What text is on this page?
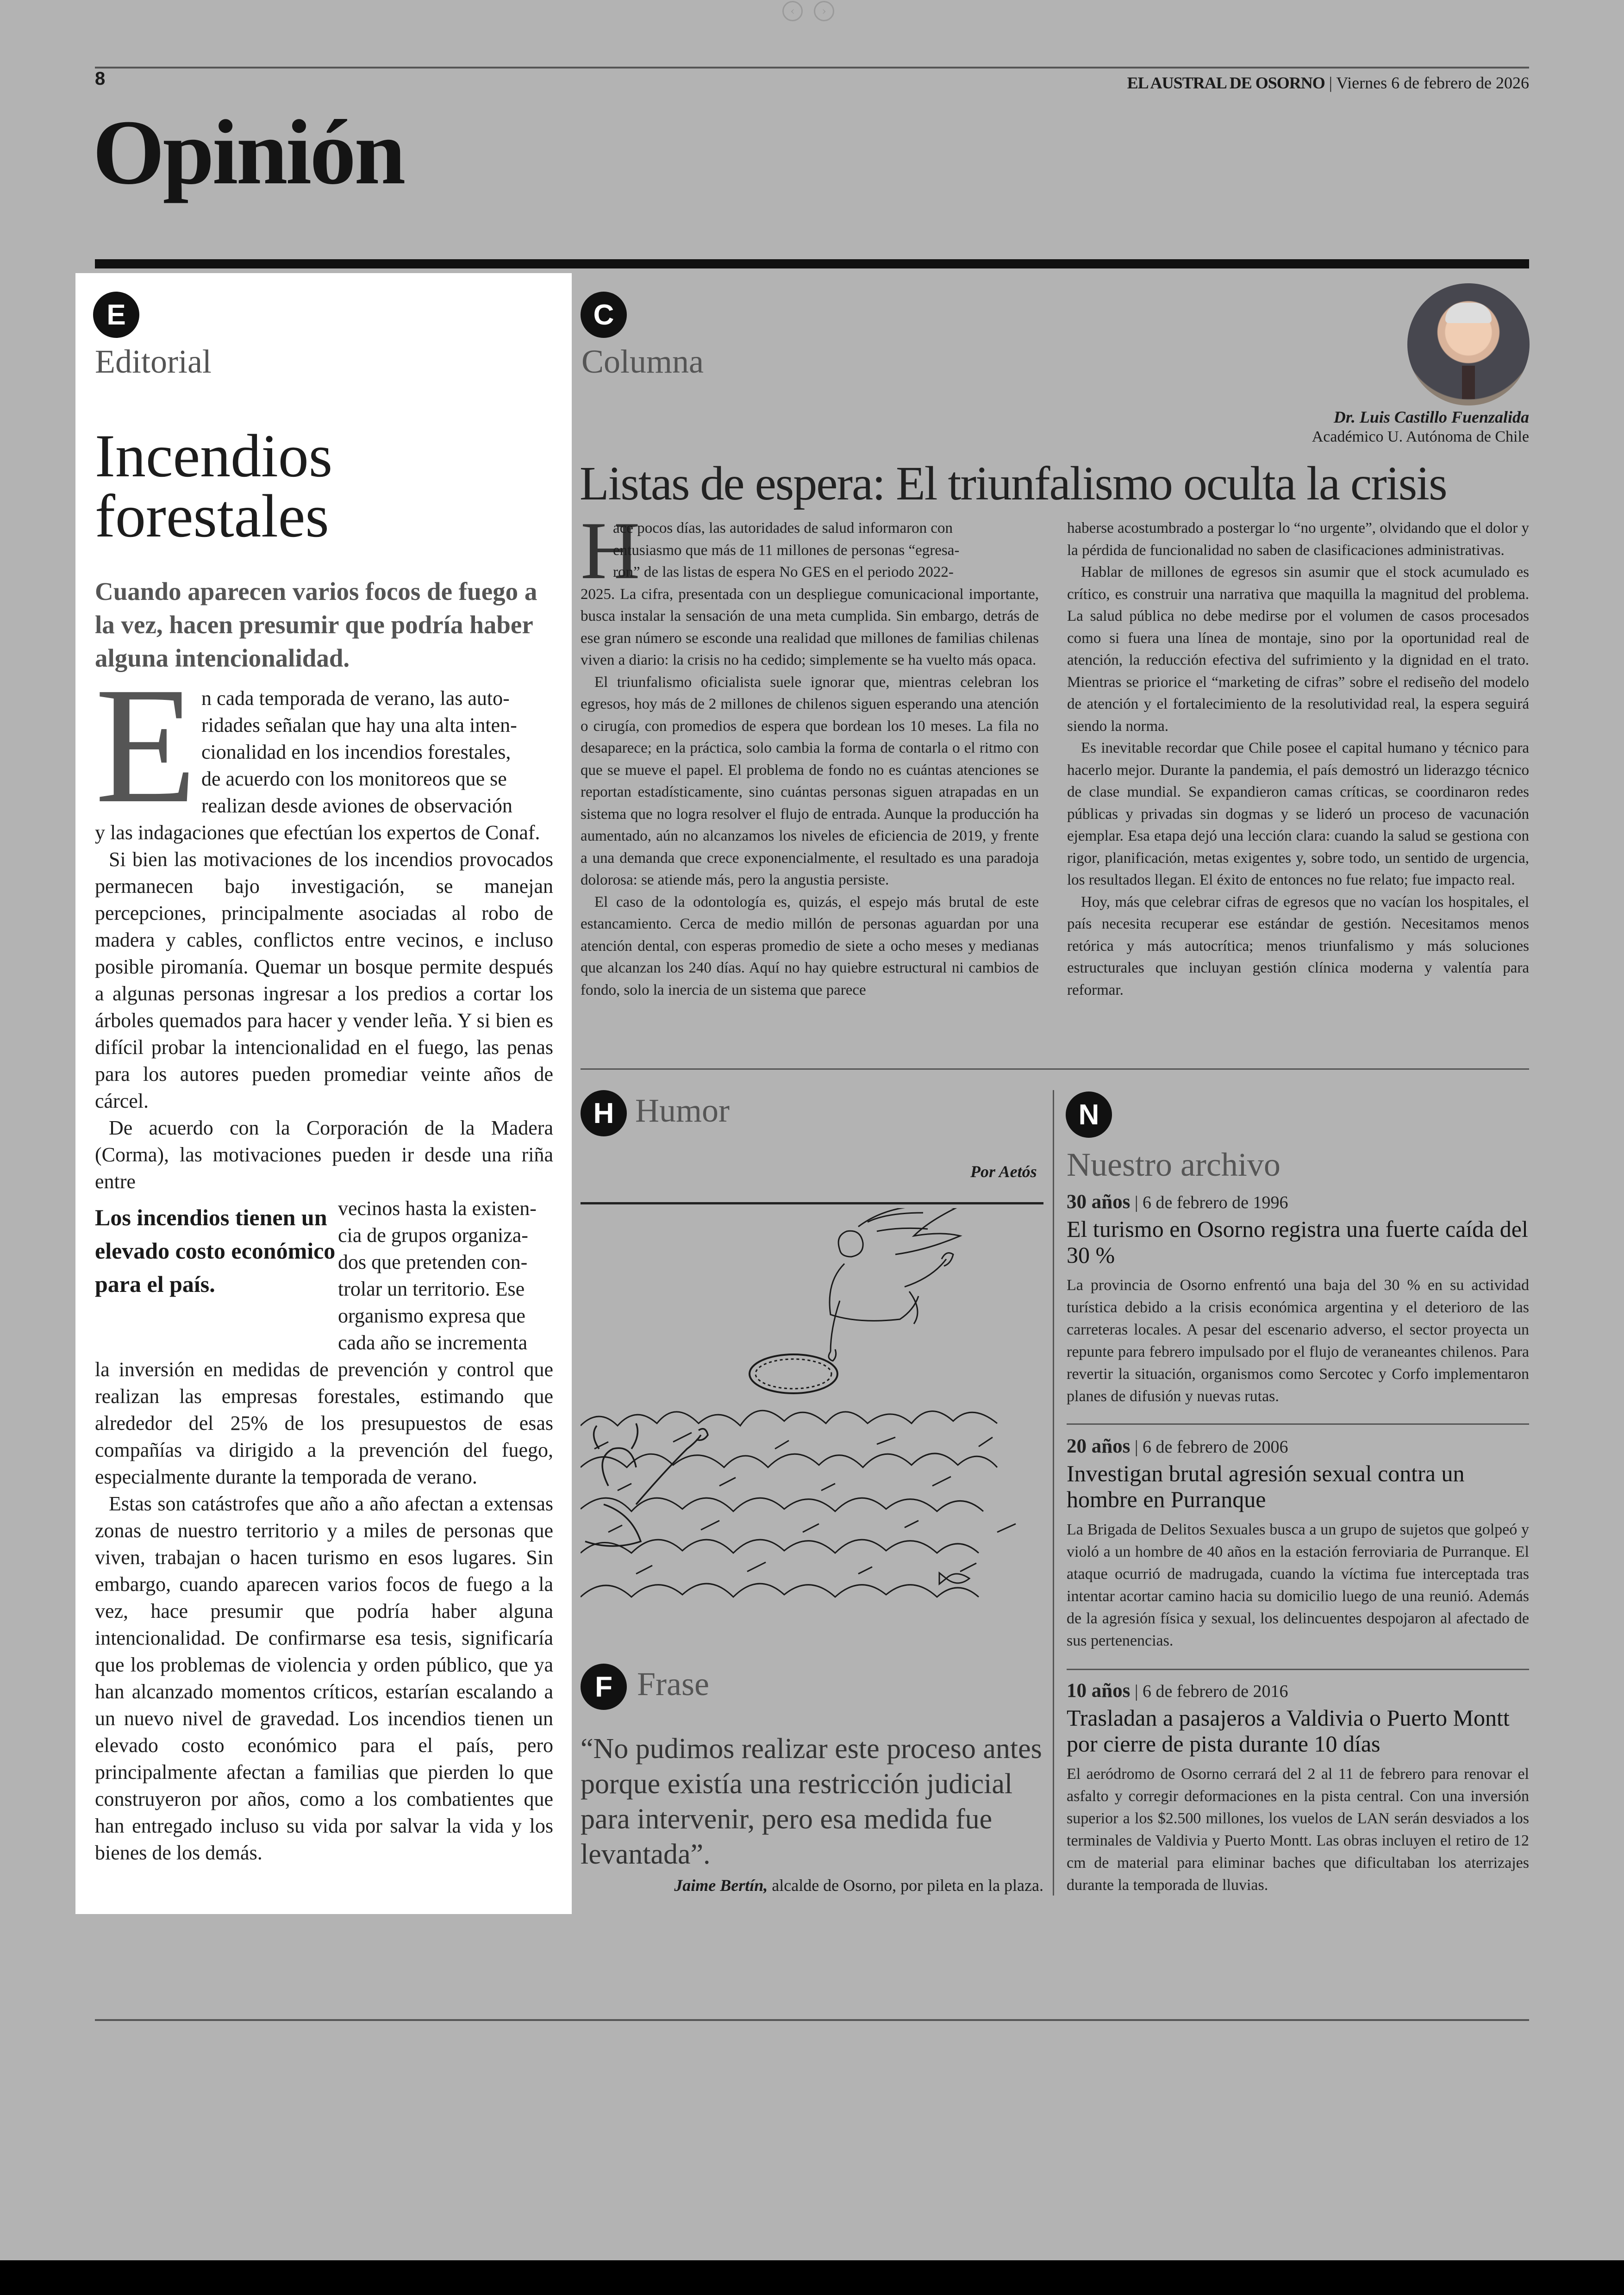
‹ ›
8	EL AUSTRAL DE OSORNO | Viernes 6 de febrero de 2026
Opinión
E
Editorial
Incendios
forestales
Cuando aparecen varios focos de fuego a la vez, hacen presumir que podría haber alguna intencionalidad.
E n cada temporada de verano, las auto-
ridades señalan que hay una alta inten-
cionalidad en los incendios forestales,
de acuerdo con los monitoreos que se
realizan desde aviones de observación
y las indagaciones que efectúan los expertos de Conaf.

Si bien las motivaciones de los incendios provocados permanecen bajo investigación, se manejan percepciones, principalmente asociadas al robo de madera y cables, conflictos entre vecinos, e incluso posible piromanía. Quemar un bosque permite después a algunas personas ingresar a los predios a cortar los árboles quemados para hacer y vender leña. Y si bien es difícil probar la intencionalidad en el fuego, las penas para los autores pueden promediar veinte años de cárcel.

De acuerdo con la Corporación de la Madera (Corma), las motivaciones pueden ir desde una riña entre

Los incendios tienen un elevado costo económico para el país.
vecinos hasta la existen-
cia de grupos organiza-
dos que pretenden con-
trolar un territorio. Ese
organismo expresa que
cada año se incrementa
la inversión en medidas de prevención y control que realizan las empresas forestales, estimando que alrededor del 25% de los presupuestos de esas compañías va dirigido a la prevención del fuego, especialmente durante la temporada de verano.

Estas son catástrofes que año a año afectan a extensas zonas de nuestro territorio y a miles de personas que viven, trabajan o hacen turismo en esos lugares. Sin embargo, cuando aparecen varios focos de fuego a la vez, hace presumir que podría haber alguna intencionalidad. De confirmarse esa tesis, significaría que los problemas de violencia y orden público, que ya han alcanzado momentos críticos, estarían escalando a un nuevo nivel de gravedad. Los incendios tienen un elevado costo económico para el país, pero principalmente afectan a familias que pierden lo que construyeron por años, como a los combatientes que han entregado incluso su vida por salvar la vida y los bienes de los demás.

C
Columna
Dr. Luis Castillo Fuenzalida
Académico U. Autónoma de Chile
Listas de espera: El triunfalismo oculta la crisis
H
ace pocos días, las autoridades de salud informaron con
entusiasmo que más de 11 millones de personas “egresa-
ron” de las listas de espera No GES en el periodo 2022-
2025. La cifra, presentada con un despliegue comunicacional importante, busca instalar la sensación de una meta cumplida. Sin embargo, detrás de ese gran número se esconde una realidad que millones de familias chilenas viven a diario: la crisis no ha cedido; simplemente se ha vuelto más opaca.

El triunfalismo oficialista suele ignorar que, mientras celebran los egresos, hoy más de 2 millones de chilenos siguen esperando una atención o cirugía, con promedios de espera que bordean los 10 meses. La fila no desaparece; en la práctica, solo cambia la forma de contarla o el ritmo con que se mueve el papel. El problema de fondo no es cuántas atenciones se reportan estadísticamente, sino cuántas personas siguen atrapadas en un sistema que no logra resolver el flujo de entrada. Aunque la producción ha aumentado, aún no alcanzamos los niveles de eficiencia de 2019, y frente a una demanda que crece exponencialmente, el resultado es una paradoja dolorosa: se atiende más, pero la angustia persiste.

El caso de la odontología es, quizás, el espejo más brutal de este estancamiento. Cerca de medio millón de personas aguardan por una atención dental, con esperas promedio de siete a ocho meses y medianas que alcanzan los 240 días. Aquí no hay quiebre estructural ni cambios de fondo, solo la inercia de un sistema que parece

haberse acostumbrado a postergar lo “no urgente”, olvidando que el dolor y la pérdida de funcionalidad no saben de clasificaciones administrativas.

Hablar de millones de egresos sin asumir que el stock acumulado es crítico, es construir una narrativa que maquilla la magnitud del problema. La salud pública no debe medirse por el volumen de casos procesados como si fuera una línea de montaje, sino por la oportunidad real de atención, la reducción efectiva del sufrimiento y la dignidad en el trato. Mientras se priorice el “marketing de cifras” sobre el rediseño del modelo de atención y el fortalecimiento de la resolutividad real, la espera seguirá siendo la norma.

Es inevitable recordar que Chile posee el capital humano y técnico para hacerlo mejor. Durante la pandemia, el país demostró un liderazgo técnico de clase mundial. Se expandieron camas críticas, se coordinaron redes públicas y privadas sin dogmas y se lideró un proceso de vacunación ejemplar. Esa etapa dejó una lección clara: cuando la salud se gestiona con rigor, planificación, metas exigentes y, sobre todo, un sentido de urgencia, los resultados llegan. El éxito de entonces no fue relato; fue impacto real.

Hoy, más que celebrar cifras de egresos que no vacían los hospitales, el país necesita recuperar ese estándar de gestión. Necesitamos menos retórica y más autocrítica; menos triunfalismo y más soluciones estructurales que incluyan gestión clínica moderna y valentía para reformar.

H Humor
Por Aetós
F Frase
“No pudimos realizar este proceso antes porque existía una restricción judicial para intervenir, pero esa medida fue levantada”.
Jaime Bertín, alcalde de Osorno, por pileta en la plaza.
N
Nuestro archivo
30 años | 6 de febrero de 1996
El turismo en Osorno registra una fuerte caída del 30 %
La provincia de Osorno enfrentó una baja del 30 % en su actividad turística debido a la crisis económica argentina y el deterioro de las carreteras locales. A pesar del escenario adverso, el sector proyecta un repunte para febrero impulsado por el flujo de veraneantes chilenos. Para revertir la situación, organismos como Sercotec y Corfo implementaron planes de difusión y nuevas rutas.
20 años | 6 de febrero de 2006
Investigan brutal agresión sexual contra un hombre en Purranque
La Brigada de Delitos Sexuales busca a un grupo de sujetos que golpeó y violó a un hombre de 40 años en la estación ferroviaria de Purranque. El ataque ocurrió de madrugada, cuando la víctima fue interceptada tras intentar acortar camino hacia su domicilio luego de una reunió. Además de la agresión física y sexual, los delincuentes despojaron al afectado de sus pertenencias.
10 años | 6 de febrero de 2016
Trasladan a pasajeros a Valdivia o Puerto Montt por cierre de pista durante 10 días
El aeródromo de Osorno cerrará del 2 al 11 de febrero para renovar el asfalto y corregir deformaciones en la pista central. Con una inversión superior a los $2.500 millones, los vuelos de LAN serán desviados a los terminales de Valdivia y Puerto Montt. Las obras incluyen el retiro de 12 cm de material para eliminar baches que dificultaban los aterrizajes durante la temporada de lluvias.
